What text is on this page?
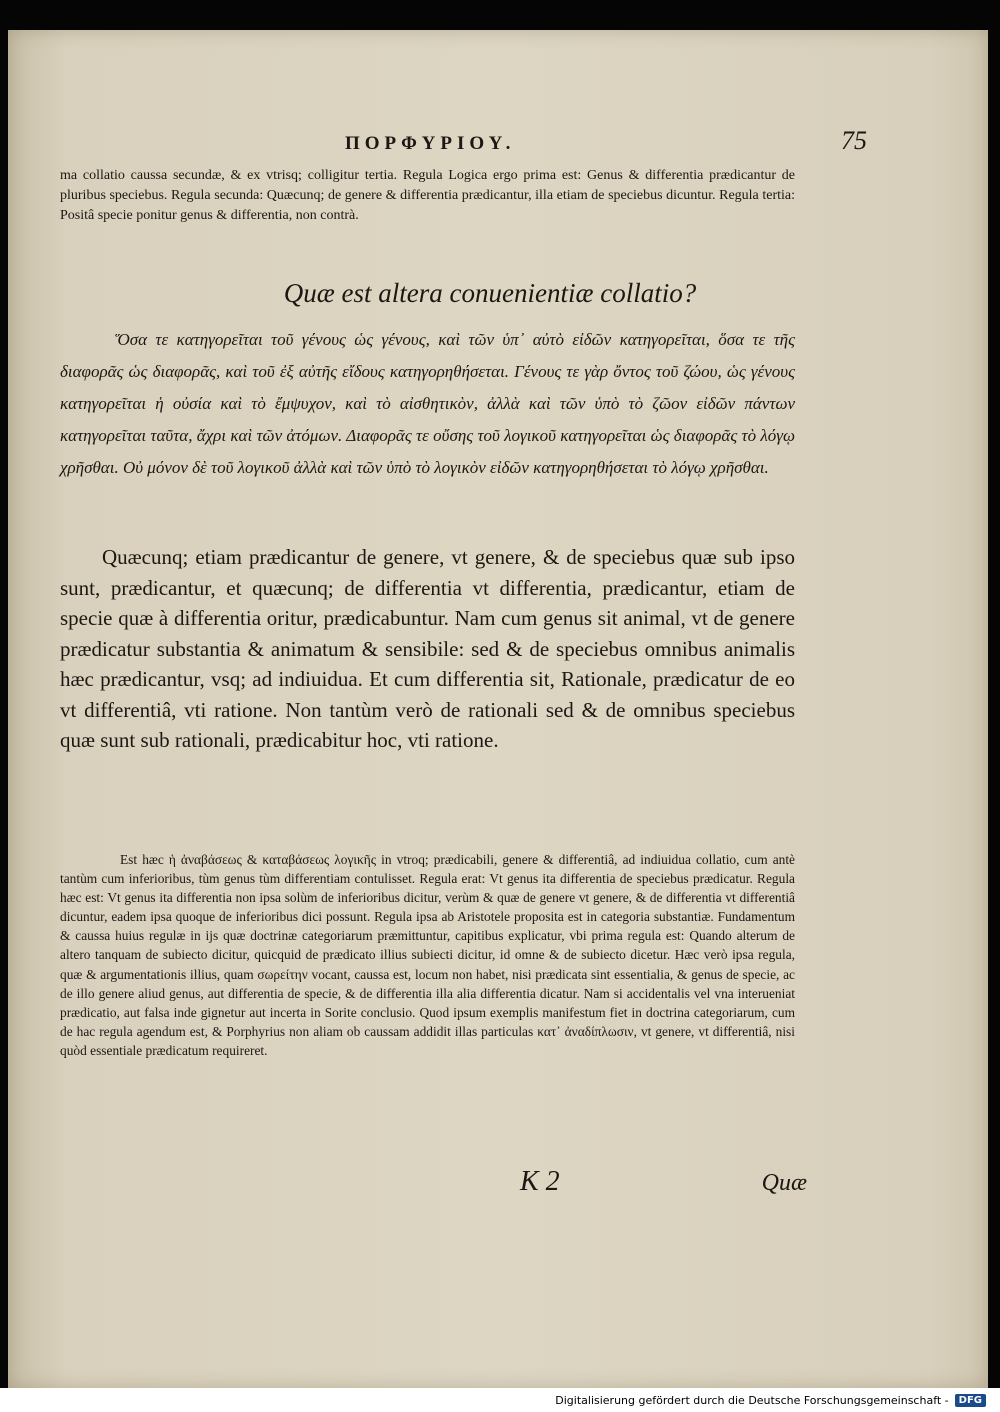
ΠΟΡΦΥΡΙΟΥ.	75
ma collatio caussa secundæ, & ex vtrisq; colligitur tertia. Regula Logica ergo prima est: Genus & differentia prædicantur de pluribus speciebus. Regula secunda: Quæcunq; de genere & differentia prædicantur, illa etiam de speciebus dicuntur. Regula tertia: Positâ specie ponitur genus & differentia, non contrà.
Quæ est altera conuenientiæ collatio?
Ὅσα τε κατηγορεῖται τοῦ γένους ὡς γένους, καὶ τῶν ὑπ᾽ αὐτὸ εἰδῶν κατηγορεῖται, ὅσα τε τῆς διαφορᾶς ὡς διαφορᾶς, καὶ τοῦ ἐξ αὐτῆς εἴδους κατηγορηθήσεται. Γένους τε γὰρ ὄντος τοῦ ζώου, ὡς γένους κατηγορεῖται ἡ οὐσία καὶ τὸ ἔμψυχον, καὶ τὸ αἰσθητικὸν, ἀλλὰ καὶ τῶν ὑπὸ τὸ ζῶον εἰδῶν πάντων κατηγορεῖται ταῦτα, ἄχρι καὶ τῶν ἀτόμων. Διαφορᾶς τε οὔσης τοῦ λογικοῦ κατηγορεῖται ὡς διαφορᾶς τὸ λόγῳ χρῆσθαι. Οὐ μόνον δὲ τοῦ λογικοῦ ἀλλὰ καὶ τῶν ὑπὸ τὸ λογικὸν εἰδῶν κατηγορηθήσεται τὸ λόγῳ χρῆσθαι.
Quæcunq; etiam prædicantur de genere, vt genere, & de speciebus quæ sub ipso sunt, prædicantur, et quæcunq; de differentia vt differentia, prædicantur, etiam de specie quæ à differentia oritur, prædicabuntur. Nam cum genus sit animal, vt de genere prædicatur substantia & animatum & sensibile: sed & de speciebus omnibus animalis hæc prædicantur, vsq; ad indiuidua. Et cum differentia sit, Rationale, prædicatur de eo vt differentiâ, vti ratione. Non tantùm verò de rationali sed & de omnibus speciebus quæ sunt sub rationali, prædicabitur hoc, vti ratione.
Est hæc ἡ ἀναβάσεως & καταβάσεως λογικῆς in vtroq; prædicabili, genere & differentiâ, ad indiuidua collatio, cum antè tantùm cum inferioribus, tùm genus tùm differentiam contulisset. Regula erat: Vt genus ita differentia de speciebus prædicatur. Regula hæc est: Vt genus ita differentia non ipsa solùm de inferioribus dicitur, verùm & quæ de genere vt genere, & de differentia vt differentiâ dicuntur, eadem ipsa quoque de inferioribus dici possunt. Regula ipsa ab Aristotele proposita est in categoria substantiæ. Fundamentum & caussa huius regulæ in ijs quæ doctrinæ categoriarum præmittuntur, capitibus explicatur, vbi prima regula est: Quando alterum de altero tanquam de subiecto dicitur, quicquid de prædicato illius subiecti dicitur, id omne & de subiecto dicetur. Hæc verò ipsa regula, quæ & argumentationis illius, quam σωρείτην vocant, caussa est, locum non habet, nisi prædicata sint essentialia, & genus de specie, ac de illo genere aliud genus, aut differentia de specie, & de differentia illa alia differentia dicatur. Nam si accidentalis vel vna interueniat prædicatio, aut falsa inde gignetur aut incerta in Sorite conclusio. Quod ipsum exemplis manifestum fiet in doctrina categoriarum, cum de hac regula agendum est, & Porphyrius non aliam ob caussam addidit illas particulas κατ᾽ ἀναδίπλωσιν, vt genere, vt differentiâ, nisi quòd essentiale prædicatum requireret.
K 2	Quæ
Digitalisierung gefördert durch die Deutsche Forschungsgemeinschaft -	DFG
